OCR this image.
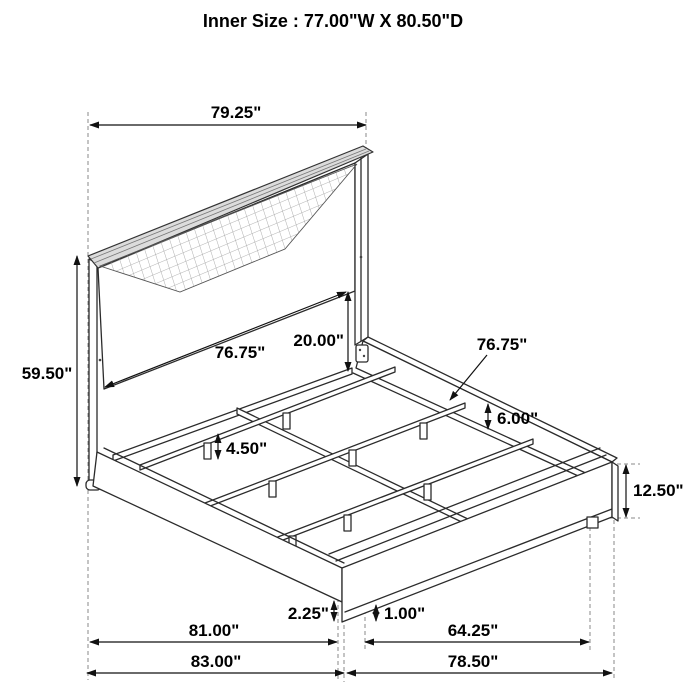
Inner Size : 77.00"W X 80.50"D
79.25"
59.50"
76.75"
20.00"	76.75"
6.00"
4.50"
12.50"
2.25"	1.00"
81.00"	64.25"
83.00"	78.50"
